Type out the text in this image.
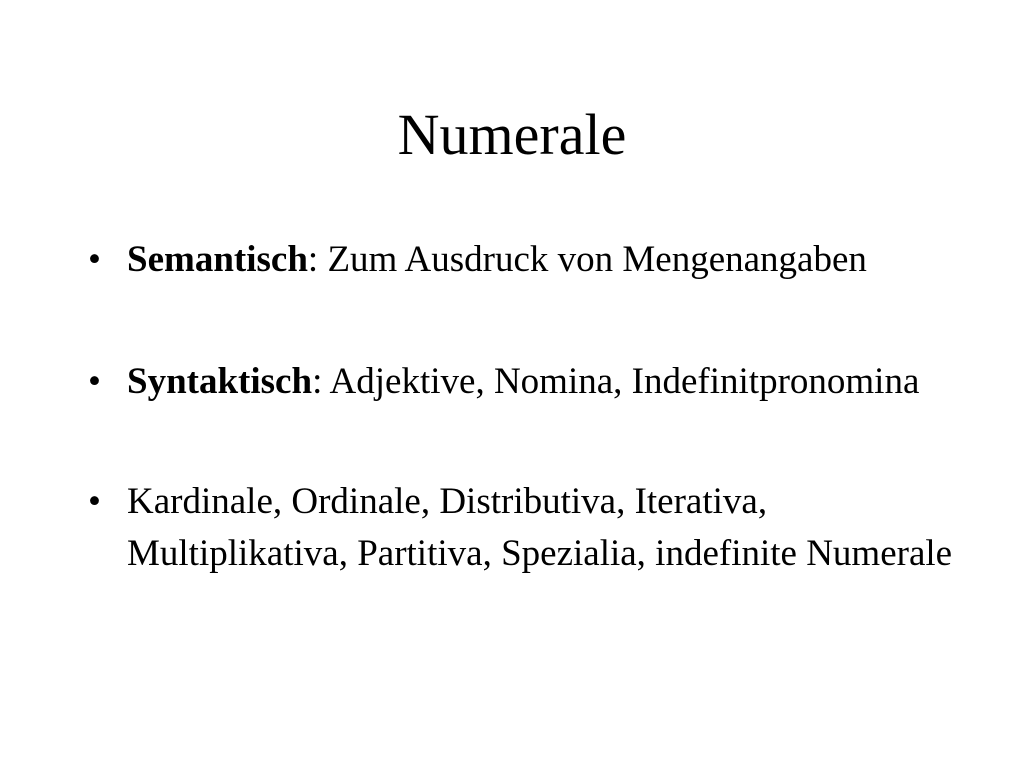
Numerale
• Semantisch: Zum Ausdruck von Mengenangaben
• Syntaktisch: Adjektive, Nomina, Indefinitpronomina
• Kardinale, Ordinale, Distributiva, Iterativa, Multiplikativa, Partitiva, Spezialia, indefinite Numerale
